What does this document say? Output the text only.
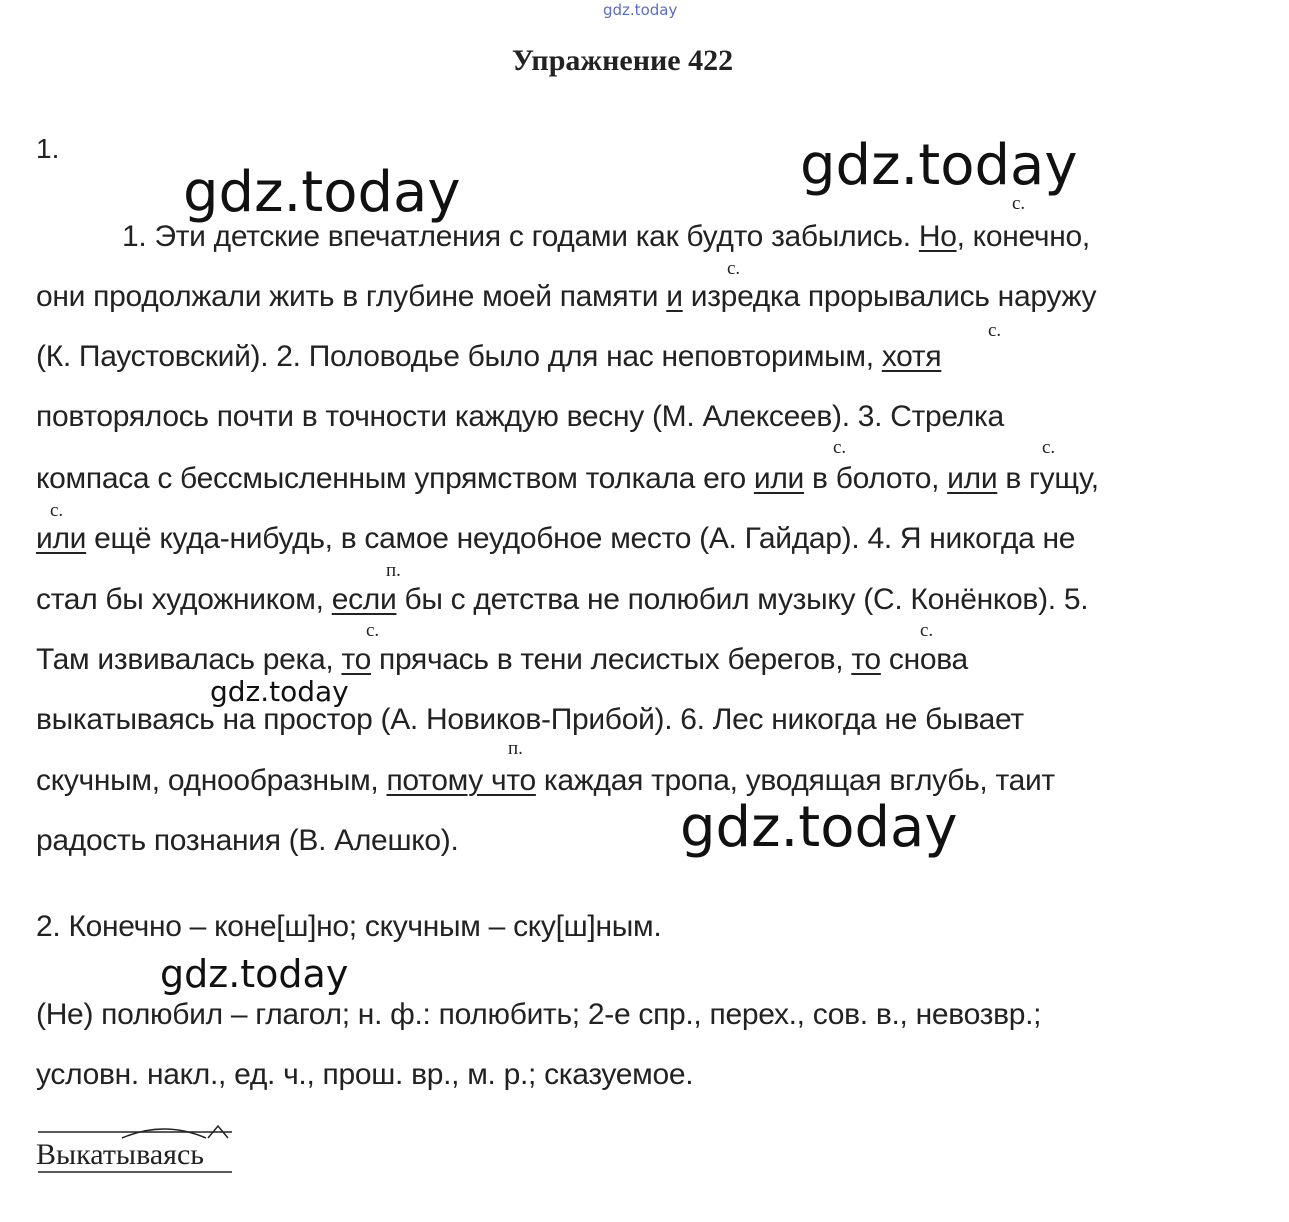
gdz.today
gdz.today	gdz.today
gdz.today
gdz.today
gdz.today
Упражнение 422
1.
с.
с.
с.
с.	с.
с.
п.
с.	с.
п.
1. Эти детские впечатления с годами как будто забылись. Но, конечно,
они продолжали жить в глубине моей памяти и изредка прорывались наружу
(К. Паустовский). 2. Половодье было для нас неповторимым, хотя
повторялось почти в точности каждую весну (М. Алексеев). 3. Стрелка
компаса с бессмысленным упрямством толкала его или в болото, или в гущу,
или ещё куда-нибудь, в самое неудобное место (А. Гайдар). 4. Я никогда не
стал бы художником, если бы с детства не полюбил музыку (С. Конёнков). 5.
Там извивалась река, то прячась в тени лесистых берегов, то снова
выкатываясь на простор (А. Новиков-Прибой). 6. Лес никогда не бывает
скучным, однообразным, потому что каждая тропа, уводящая вглубь, таит
радость познания (В. Алешко).
2. Конечно – коне[ш]но; скучным – ску[ш]ным.
(Не) полюбил – глагол; н. ф.: полюбить; 2-е спр., перех., сов. в., невозвр.;
условн. накл., ед. ч., прош. вр., м. р.; сказуемое.
Выкатываясь
